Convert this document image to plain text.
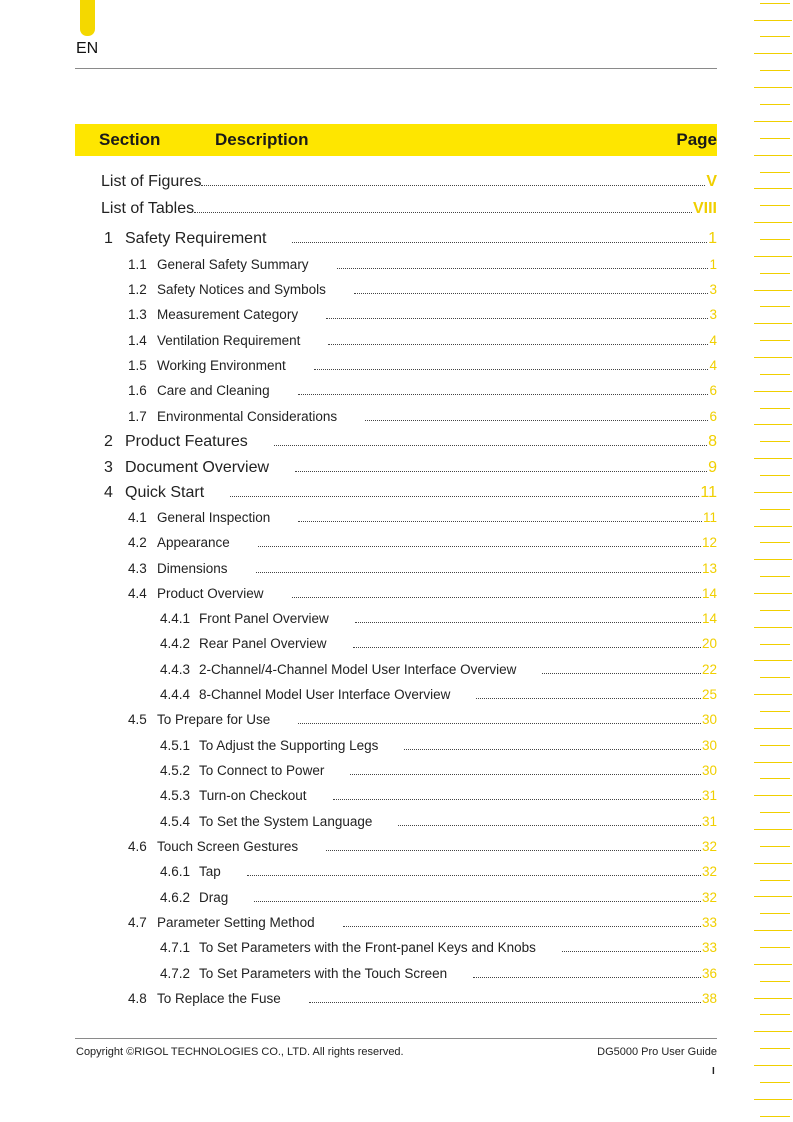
EN
Section	Description	Page
List of Figures	V
List of Tables	VIII
1 Safety Requirement	1
1.1 General Safety Summary	1
1.2 Safety Notices and Symbols	3
1.3 Measurement Category	3
1.4 Ventilation Requirement	4
1.5 Working Environment	4
1.6 Care and Cleaning	6
1.7 Environmental Considerations	6
2 Product Features	8
3 Document Overview	9
4 Quick Start	11
4.1 General Inspection	11
4.2 Appearance	12
4.3 Dimensions	13
4.4 Product Overview	14
4.4.1 Front Panel Overview	14
4.4.2 Rear Panel Overview	20
4.4.3 2-Channel/4-Channel Model User Interface Overview	22
4.4.4 8-Channel Model User Interface Overview	25
4.5 To Prepare for Use	30
4.5.1 To Adjust the Supporting Legs	30
4.5.2 To Connect to Power	30
4.5.3 Turn-on Checkout	31
4.5.4 To Set the System Language	31
4.6 Touch Screen Gestures	32
4.6.1 Tap	32
4.6.2 Drag	32
4.7 Parameter Setting Method	33
4.7.1 To Set Parameters with the Front-panel Keys and Knobs	33
4.7.2 To Set Parameters with the Touch Screen	36
4.8 To Replace the Fuse	38
Copyright ©RIGOL TECHNOLOGIES CO., LTD. All rights reserved.	DG5000 Pro User Guide
I
